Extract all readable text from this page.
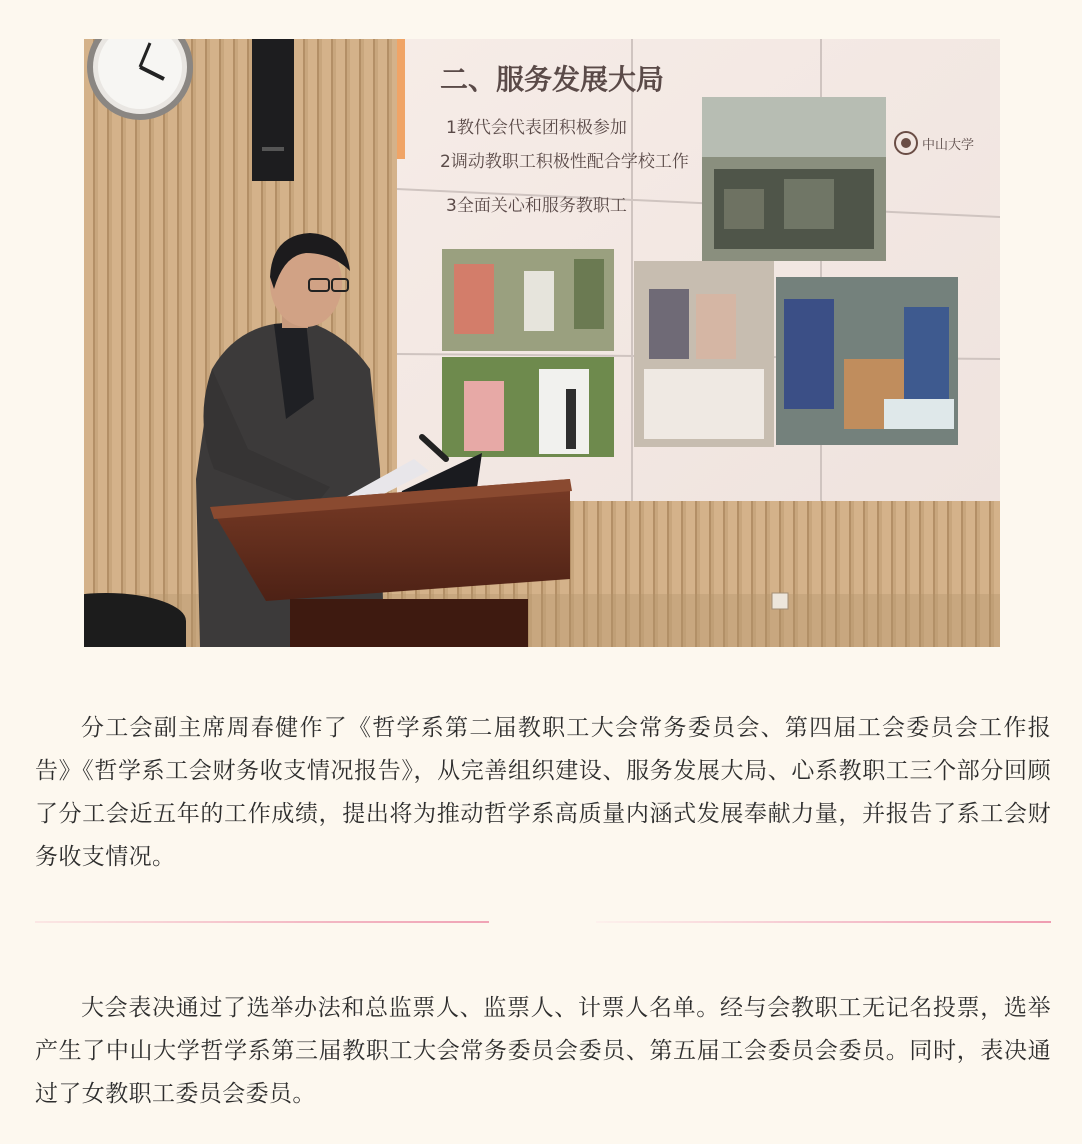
二、服务发展大局
1教代会代表团积极参加
2调动教职工积极性配合学校工作
3全面关心和服务教职工
中山大学

分工会副主席周春健作了《哲学系第二届教职工大会常务委员会、第四届工会委员会工作报告》《哲学系工会财务收支情况报告》，从完善组织建设、服务发展大局、心系教职工三个部分回顾了分工会近五年的工作成绩，提出将为推动哲学系高质量内涵式发展奉献力量，并报告了系工会财务收支情况。

大会表决通过了选举办法和总监票人、监票人、计票人名单。经与会教职工无记名投票，选举产生了中山大学哲学系第三届教职工大会常务委员会委员、第五届工会委员会委员。同时，表决通过了女教职工委员会委员。
